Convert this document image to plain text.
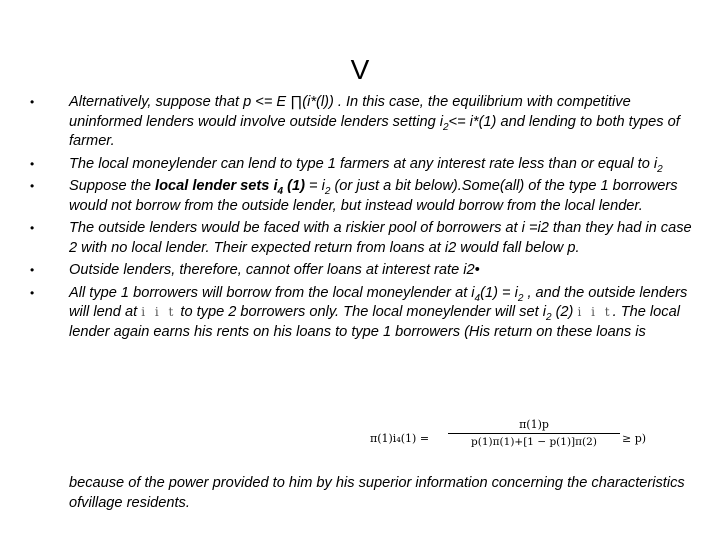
V
•	Alternatively, suppose that p <= E ∏(i*(l)) . In this case, the equilibrium with competitive uninformed lenders would involve outside lenders setting $i_2<= i*(1)$ and lending to both types of farmer.
•	The local moneylender can lend to type 1 farmers at any interest rate less than or equal to $i_2$
•	Suppose the local lender sets $i_4$ $(1) = i_2$ (or just a bit below).Some(all) of the type 1 borrowers would not borrow from the outside lender, but instead would borrow from the local lender.
•	The outside lenders would be faced with a riskier pool of borrowers at i =i2 than they had in case 2 with no local lender. Their expected return from loans at i2 would fall below p.
•	Outside lenders, therefore, cannot offer loans at interest rate i2•
•	All type 1 borrowers will borrow from the local moneylender at $i_4(1) = i_2$ , and the outside lenders will lend at i i t to type 2 borrowers only. The local moneylender will set $i_2$ (2) i i t. The local lender again earns his rents on his loans to type 1 borrowers (His return on these loans is
π(1)i₄(1) =
π(1)p
p(1)π(1)+[1 − p(1)]π(2)	≥ p)
because of the power provided to him by his superior information concerning the characteristics ofvillage residents.
